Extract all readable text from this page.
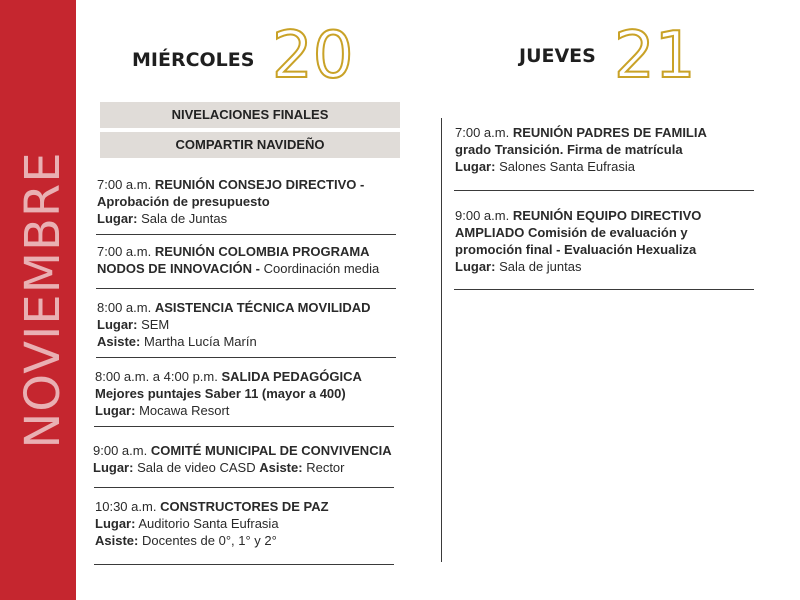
NOVIEMBRE
MIÉRCOLES 20	JUEVES 21
NIVELACIONES FINALES
COMPARTIR NAVIDEÑO
7:00 a.m. REUNIÓN CONSEJO DIRECTIVO -
Aprobación de presupuesto
Lugar: Sala de Juntas
7:00 a.m. REUNIÓN COLOMBIA PROGRAMA
NODOS DE INNOVACIÓN - Coordinación media
8:00 a.m. ASISTENCIA TÉCNICA MOVILIDAD
Lugar: SEM
Asiste: Martha Lucía Marín
8:00 a.m. a 4:00 p.m. SALIDA PEDAGÓGICA
Mejores puntajes Saber 11 (mayor a 400)
Lugar: Mocawa Resort
9:00 a.m. COMITÉ MUNICIPAL DE CONVIVENCIA
Lugar: Sala de video CASD Asiste: Rector
10:30 a.m. CONSTRUCTORES DE PAZ
Lugar: Auditorio Santa Eufrasia
Asiste: Docentes de 0°, 1° y 2°
7:00 a.m. REUNIÓN PADRES DE FAMILIA
grado Transición. Firma de matrícula
Lugar: Salones Santa Eufrasia
9:00 a.m. REUNIÓN EQUIPO DIRECTIVO
AMPLIADO Comisión de evaluación y
promoción final - Evaluación Hexualiza
Lugar: Sala de juntas
